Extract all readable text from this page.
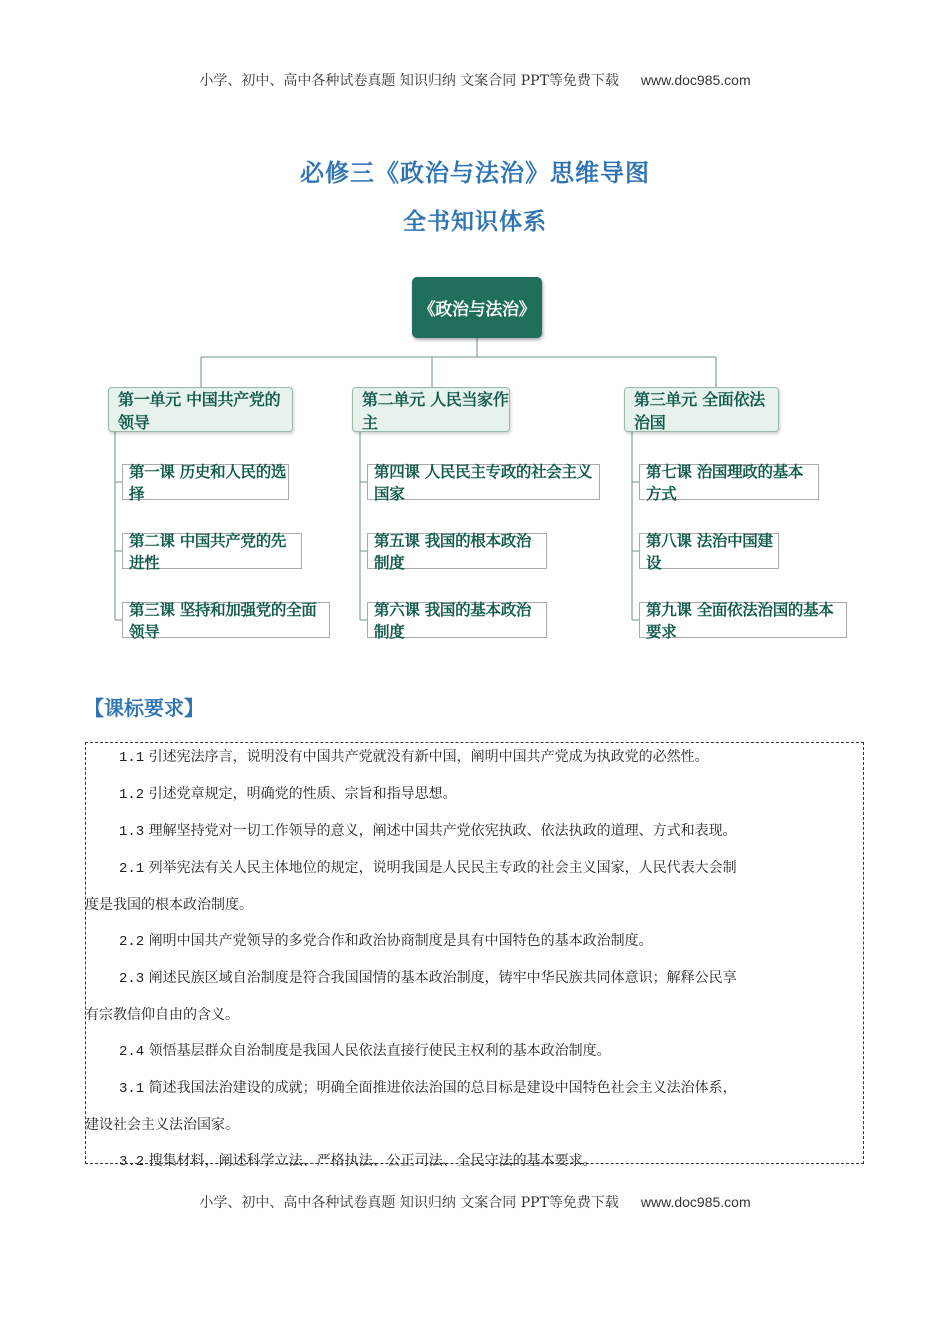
小学、初中、高中各种试卷真题 知识归纳 文案合同 PPT等免费下载 www.doc985.com
必修三《政治与法治》思维导图
全书知识体系
《政治与法治》
第一单元 中国共产党的领导
第二单元 人民当家作主
第三单元 全面依法治国
第一课 历史和人民的选择
第二课 中国共产党的先进性
第三课 坚持和加强党的全面领导
第四课 人民民主专政的社会主义国家
第五课 我国的根本政治制度
第六课 我国的基本政治制度
第七课 治国理政的基本方式
第八课 法治中国建设
第九课 全面依法治国的基本要求
【课标要求】

1.1 引述宪法序言，说明没有中国共产党就没有新中国，阐明中国共产党成为执政党的必然性。

1.2 引述党章规定，明确党的性质、宗旨和指导思想。

1.3 理解坚持党对一切工作领导的意义，阐述中国共产党依宪执政、依法执政的道理、方式和表现。

2.1 列举宪法有关人民主体地位的规定，说明我国是人民民主专政的社会主义国家，人民代表大会制

度是我国的根本政治制度。

2.2 阐明中国共产党领导的多党合作和政治协商制度是具有中国特色的基本政治制度。

2.3 阐述民族区域自治制度是符合我国国情的基本政治制度，铸牢中华民族共同体意识；解释公民享

有宗教信仰自由的含义。

2.4 领悟基层群众自治制度是我国人民依法直接行使民主权利的基本政治制度。

3.1 简述我国法治建设的成就；明确全面推进依法治国的总目标是建设中国特色社会主义法治体系，

建设社会主义法治国家。

3.2 搜集材料，阐述科学立法、严格执法、公正司法、全民守法的基本要求。

小学、初中、高中各种试卷真题 知识归纳 文案合同 PPT等免费下载 www.doc985.com
